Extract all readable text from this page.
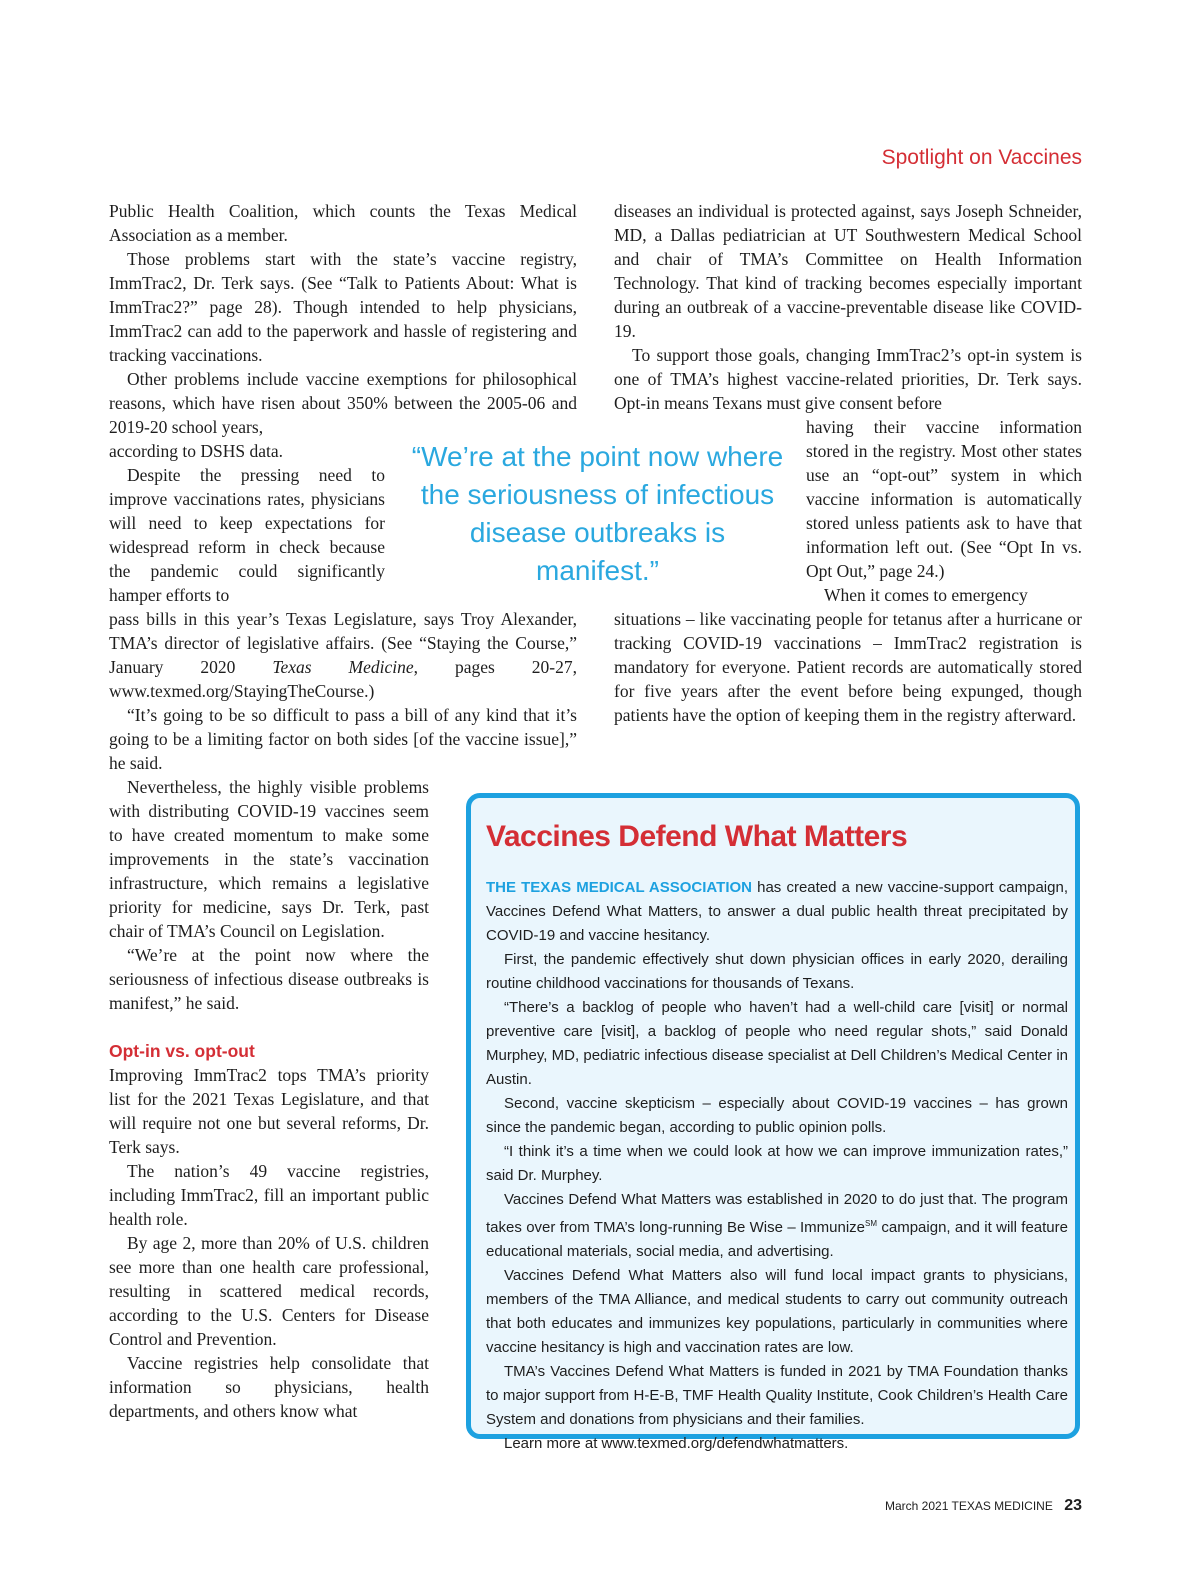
Spotlight on Vaccines

Public Health Coalition, which counts the Texas Medical Association as a member.

Those problems start with the state’s vaccine registry, ImmTrac2, Dr. Terk says. (See “Talk to Patients About: What is ImmTrac2?” page 28). Though intended to help physicians, ImmTrac2 can add to the paperwork and hassle of registering and tracking vaccinations.

Other problems include vaccine exemptions for philosophical reasons, which have risen about 350% between the 2005-06 and 2019-20 school years,

according to DSHS data.

Despite the pressing need to improve vaccinations rates, physicians will need to keep expectations for widespread reform in check because the pandemic could significantly hamper efforts to

pass bills in this year’s Texas Legislature, says Troy Alexander, TMA’s director of legislative affairs. (See “Staying the Course,” January 2020 Texas Medicine, pages 20-27, www.texmed.org/StayingTheCourse.)

“It’s going to be so difficult to pass a bill of any kind that it’s going to be a limiting factor on both sides [of the vaccine issue],” he said.

Nevertheless, the highly visible problems with distributing COVID-19 vaccines seem to have created momentum to make some improvements in the state’s vaccination infrastructure, which remains a legislative priority for medicine, says Dr. Terk, past chair of TMA’s Council on Legislation.

“We’re at the point now where the seriousness of infectious disease outbreaks is manifest,” he said.

Opt-in vs. opt-out

Improving ImmTrac2 tops TMA’s priority list for the 2021 Texas Legislature, and that will require not one but several reforms, Dr. Terk says.

The nation’s 49 vaccine registries, including ImmTrac2, fill an important public health role.

By age 2, more than 20% of U.S. children see more than one health care professional, resulting in scattered medical records, according to the U.S. Centers for Disease Control and Prevention.

Vaccine registries help consolidate that information so physicians, health departments, and others know what

diseases an individual is protected against, says Joseph Schneider, MD, a Dallas pediatrician at UT Southwestern Medical School and chair of TMA’s Committee on Health Information Technology. That kind of tracking becomes especially important during an outbreak of a vaccine-preventable disease like COVID-19.

To support those goals, changing ImmTrac2’s opt-in system is one of TMA’s highest vaccine-related priorities, Dr. Terk says. Opt-in means Texans must give consent before

having their vaccine information stored in the registry. Most other states use an “opt-out” system in which vaccine information is automatically stored unless patients ask to have that information left out. (See “Opt In vs. Opt Out,” page 24.)

When it comes to emergency

situations – like vaccinating people for tetanus after a hurricane or tracking COVID-19 vaccinations – ImmTrac2 registration is mandatory for everyone. Patient records are automatically stored for five years after the event before being expunged, though patients have the option of keeping them in the registry afterward.

“We’re at the point now where the seriousness of infectious disease outbreaks is manifest.”
Vaccines Defend What Matters

THE TEXAS MEDICAL ASSOCIATION has created a new vaccine-support campaign, Vaccines Defend What Matters, to answer a dual public health threat precipitated by COVID-19 and vaccine hesitancy.

First, the pandemic effectively shut down physician offices in early 2020, derailing routine childhood vaccinations for thousands of Texans.

“There’s a backlog of people who haven’t had a well-child care [visit] or normal preventive care [visit], a backlog of people who need regular shots,” said Donald Murphey, MD, pediatric infectious disease specialist at Dell Children’s Medical Center in Austin.

Second, vaccine skepticism – especially about COVID-19 vaccines – has grown since the pandemic began, according to public opinion polls.

“I think it’s a time when we could look at how we can improve immunization rates,” said Dr. Murphey.

Vaccines Defend What Matters was established in 2020 to do just that. The program takes over from TMA’s long-running Be Wise – Immunize℠ campaign, and it will feature educational materials, social media, and advertising.

Vaccines Defend What Matters also will fund local impact grants to physicians, members of the TMA Alliance, and medical students to carry out community outreach that both educates and immunizes key populations, particularly in communities where vaccine hesitancy is high and vaccination rates are low.

TMA’s Vaccines Defend What Matters is funded in 2021 by TMA Foundation thanks to major support from H-E-B, TMF Health Quality Institute, Cook Children’s Health Care System and donations from physicians and their families.

Learn more at www.texmed.org/defendwhatmatters.

March 2021 TEXAS MEDICINE 23
